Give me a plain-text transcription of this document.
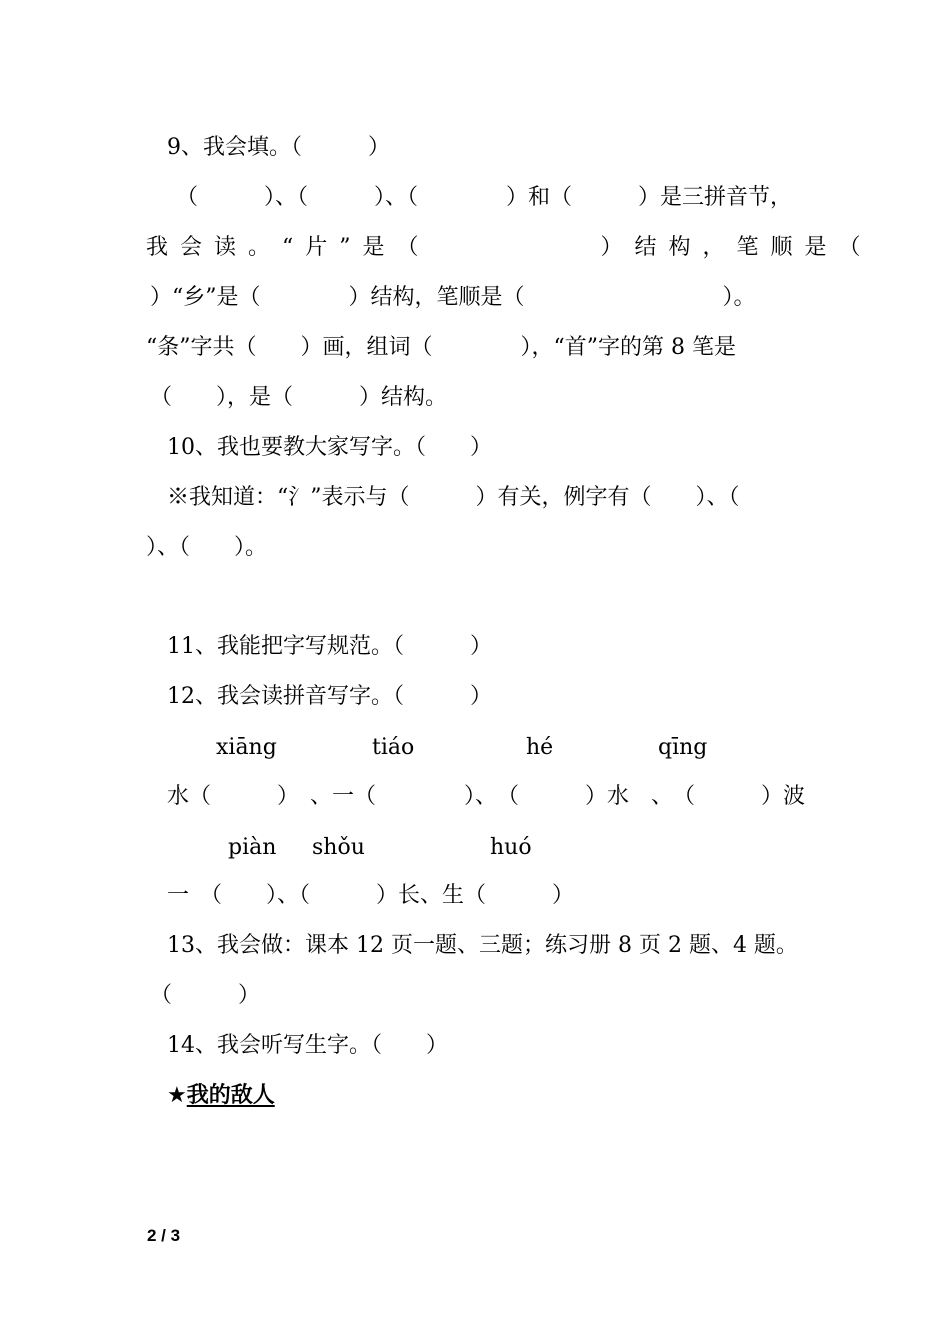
9、我会填。（　　　）
（　　　）、（　　　）、（　　　　）和（　　　）是三拼音节，
我会读。“片”是（　　　　　）结构，笔顺是（
）“乡”是（　　　　）结构，笔顺是（　　　　　　　　　）。
“条”字共（　　）画，组词（　　　　），“首”字的第 8 笔是
（　　），是（　　　）结构。
10、我也要教大家写字。（　　）
※我知道：“氵”表示与（　　　）有关，例字有（　　）、（
）、（　　）。
11、我能把字写规范。（　　　）
12、我会读拼音写字。（　　　）
xiāng	tiáo	hé	qīng
水（　　　）　、一（　　　　）、　（　　　）水　、　（　　　）波
piàn shǒu	huó
一　（　　）、（　　　）长、生（　　　）
13、我会做：课本 12 页一题、三题；练习册 8 页 2 题、4 题。
（　　　）
14、我会听写生字。（　　）
★我的敌人
2 / 3
